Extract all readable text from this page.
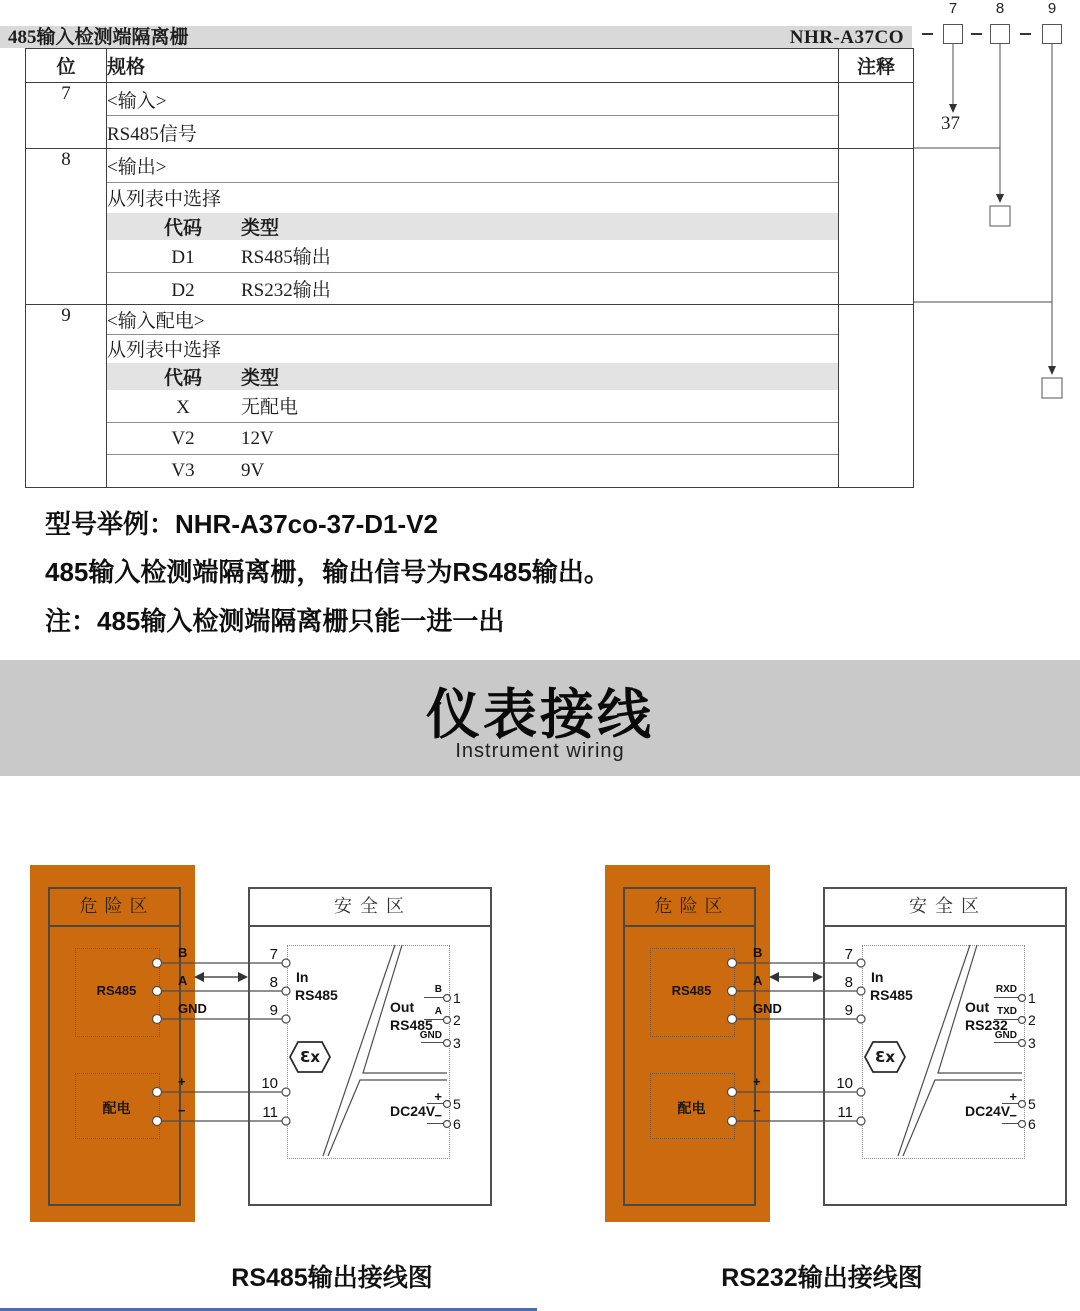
485输入检测端隔离栅	NHR-A37CO
7	8	9
37
位	规格	注释
7	<输入>	
	RS485信号	
8	<输出>	
	从列表中选择	
	代码 类型	
	D1 RS485输出	
	D2 RS232输出	
9	<输入配电>	
	从列表中选择	
	代码 类型	
	X 无配电	
	V2 12V	
	V3 9V	
型号举例：NHR-A37co-37-D1-V2
485输入检测端隔离栅，输出信号为RS485输出。
注：485输入检测端隔离栅只能一进一出
仪表接线
Instrument wiring
危险区	安全区
RS485
配电
B
A
GND
+
−
7
8
9
10
11
In
RS485
Ɛx
Out
RS485
B
A
GND
1
2
3
DC24V
+
−
5
6
危险区	安全区
RS485
配电
B
A
GND
+
−
7
8
9
10
11
In
RS485
Ɛx
Out
RS232
RXD
TXD
GND
1
2
3
DC24V
+
−
5
6
RS485输出接线图	RS232输出接线图
